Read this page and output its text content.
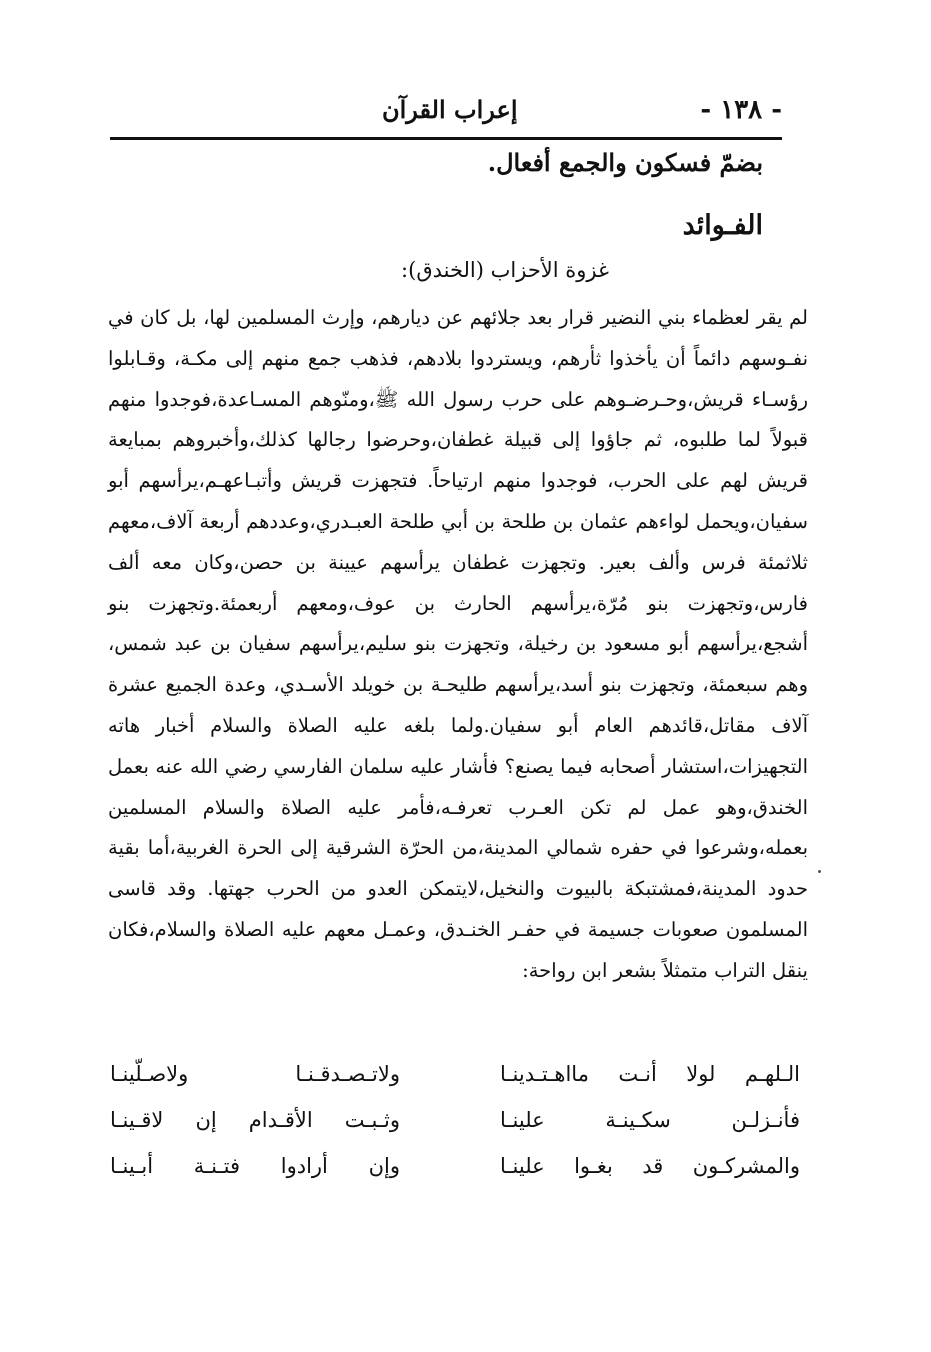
- ١٣٨ -
إعراب القرآن
بضمّ فسكون والجمع أفعال.
الفـوائد
غزوة الأحزاب (الخندق):

لم يقر لعظماء بني النضير قرار بعد جلائهم عن ديارهم، وإرث المسلمين لها، بل كان في نفـوسهم دائماً أن يأخذوا ثأرهم، ويستردوا بلادهم، فذهب جمع منهم إلى مكـة، وقـابلوا رؤسـاء قريش،وحـرضـوهم على حرب رسول الله ﷺ،ومنّوهم المسـاعدة،فوجدوا منهم قبولاً لما طلبوه، ثم جاؤوا إلى قبيلة غطفان،وحرضوا رجالها كذلك،وأخبروهم بمبايعة قريش لهم على الحرب، فوجدوا منهم ارتياحاً. فتجهزت قريش وأتبـاعهـم،يرأسهم أبو سفيان،ويحمل لواءهم عثمان بن طلحة بن أبي طلحة العبـدري،وعددهم أربعة آلاف،معهم ثلاثمئة فرس وألف بعير. وتجهزت غطفان يرأسهم عيينة بن حصن،وكان معه ألف فارس،وتجهزت بنو مُرّة،يرأسهم الحارث بن عوف،ومعهم أربعمئة.وتجهزت بنو أشجع،يرأسهم أبو مسعود بن رخيلة، وتجهزت بنو سليم،يرأسهم سفيان بن عبد شمس، وهم سبعمئة، وتجهزت بنو أسد،يرأسهم طليحـة بن خويلد الأسـدي، وعدة الجميع عشرة آلاف مقاتل،قائدهم العام أبو سفيان.ولما بلغه عليه الصلاة والسلام أخبار هاته التجهيزات،استشار أصحابه فيما يصنع؟ فأشار عليه سلمان الفارسي رضي الله عنه بعمل الخندق،وهو عمل لم تكن العـرب تعرفـه،فأمر عليه الصلاة والسلام المسلمين بعمله،وشرعوا في حفره شمالي المدينة،من الحرّة الشرقية إلى الحرة الغربية،أما بقية حدود المدينة،فمشتبكة بالبيوت والنخيل،لايتمكن العدو من الحرب جهتها. وقد قاسى المسلمون صعوبات جسيمة في حفـر الخنـدق، وعمـل معهم عليه الصلاة والسلام،فكان ينقل التراب متمثلاً بشعر ابن رواحة:

الـلهـم لولا أنـت مااهـتـدينـا
ولاتـصـدقـنـا ولاصـلّينـا
فأنـزلـن سكـينـة علينـا
وثـبـت الأقـدام إن لاقـينـا
والمشركـون قد بغـوا علينـا
وإن أرادوا فتـنـة أبـينـا
